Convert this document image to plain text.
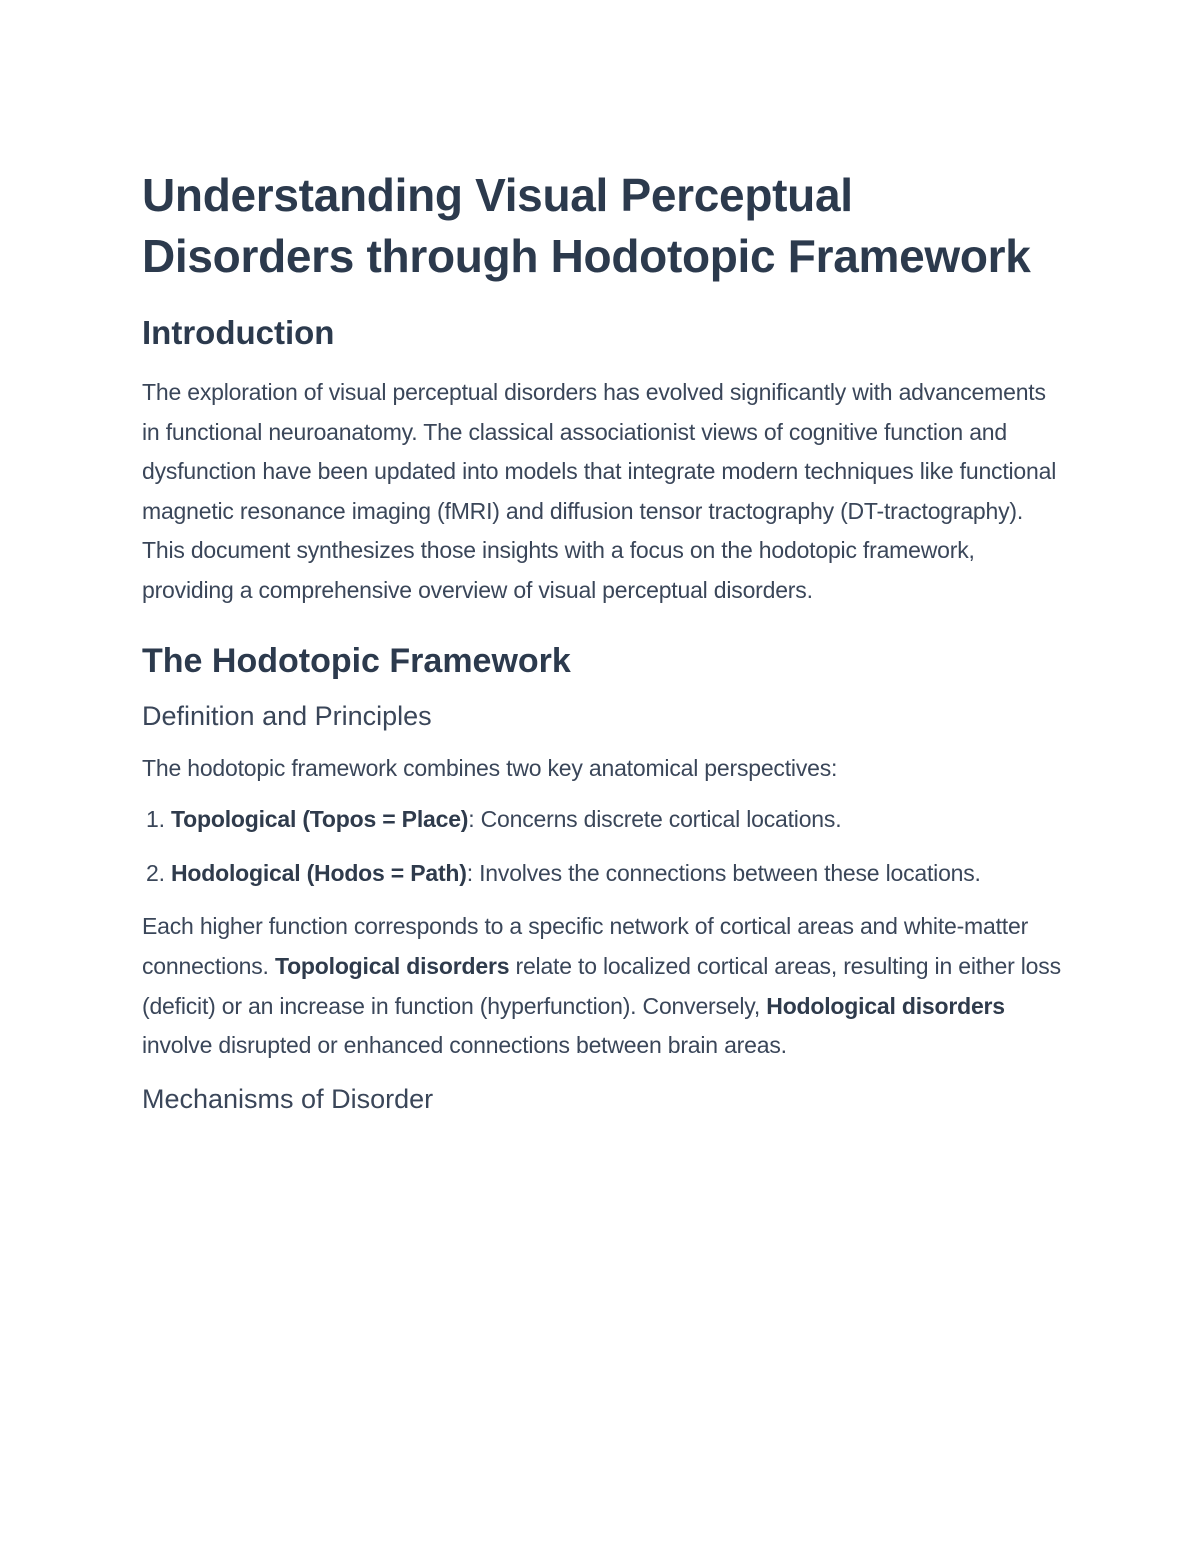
Understanding Visual Perceptual Disorders through Hodotopic Framework
Introduction

The exploration of visual perceptual disorders has evolved significantly with advancements in functional neuroanatomy. The classical associationist views of cognitive function and dysfunction have been updated into models that integrate modern techniques like functional magnetic resonance imaging (fMRI) and diffusion tensor tractography (DT-tractography). This document synthesizes those insights with a focus on the hodotopic framework, providing a comprehensive overview of visual perceptual disorders.

The Hodotopic Framework
Definition and Principles

The hodotopic framework combines two key anatomical perspectives:

1. Topological (Topos = Place): Concerns discrete cortical locations.
2. Hodological (Hodos = Path): Involves the connections between these locations.

Each higher function corresponds to a specific network of cortical areas and white-matter connections. Topological disorders relate to localized cortical areas, resulting in either loss (deficit) or an increase in function (hyperfunction). Conversely, Hodological disorders involve disrupted or enhanced connections between brain areas.

Mechanisms of Disorder
